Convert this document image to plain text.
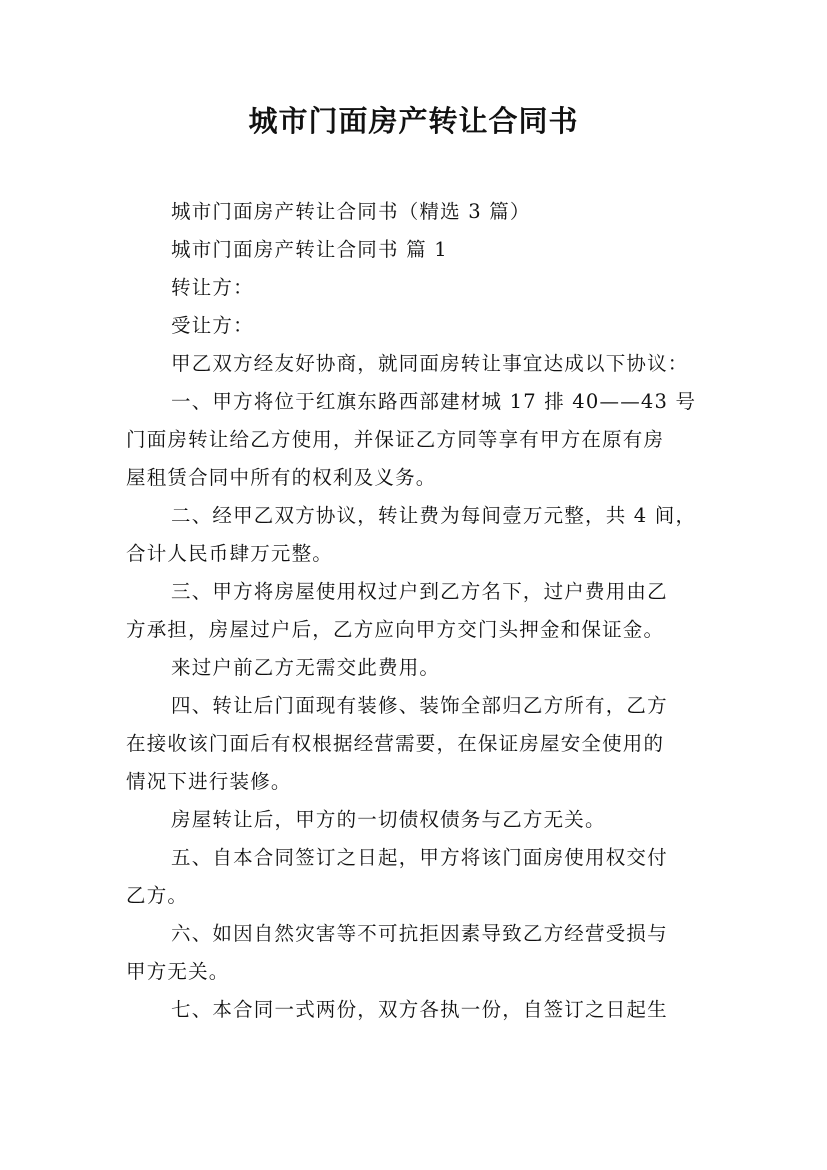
城市门面房产转让合同书

城市门面房产转让合同书（精选 3 篇）

城市门面房产转让合同书 篇 1

转让方：

受让方：

甲乙双方经友好协商，就同面房转让事宜达成以下协议：

一、甲方将位于红旗东路西部建材城 17 排 40——43 号

门面房转让给乙方使用，并保证乙方同等享有甲方在原有房

屋租赁合同中所有的权利及义务。

二、经甲乙双方协议，转让费为每间壹万元整，共 4 间，

合计人民币肆万元整。

三、甲方将房屋使用权过户到乙方名下，过户费用由乙

方承担，房屋过户后，乙方应向甲方交门头押金和保证金。

来过户前乙方无需交此费用。

四、转让后门面现有装修、装饰全部归乙方所有，乙方

在接收该门面后有权根据经营需要，在保证房屋安全使用的

情况下进行装修。

房屋转让后，甲方的一切债权债务与乙方无关。

五、自本合同签订之日起，甲方将该门面房使用权交付

乙方。

六、如因自然灾害等不可抗拒因素导致乙方经营受损与

甲方无关。

七、本合同一式两份，双方各执一份，自签订之日起生
